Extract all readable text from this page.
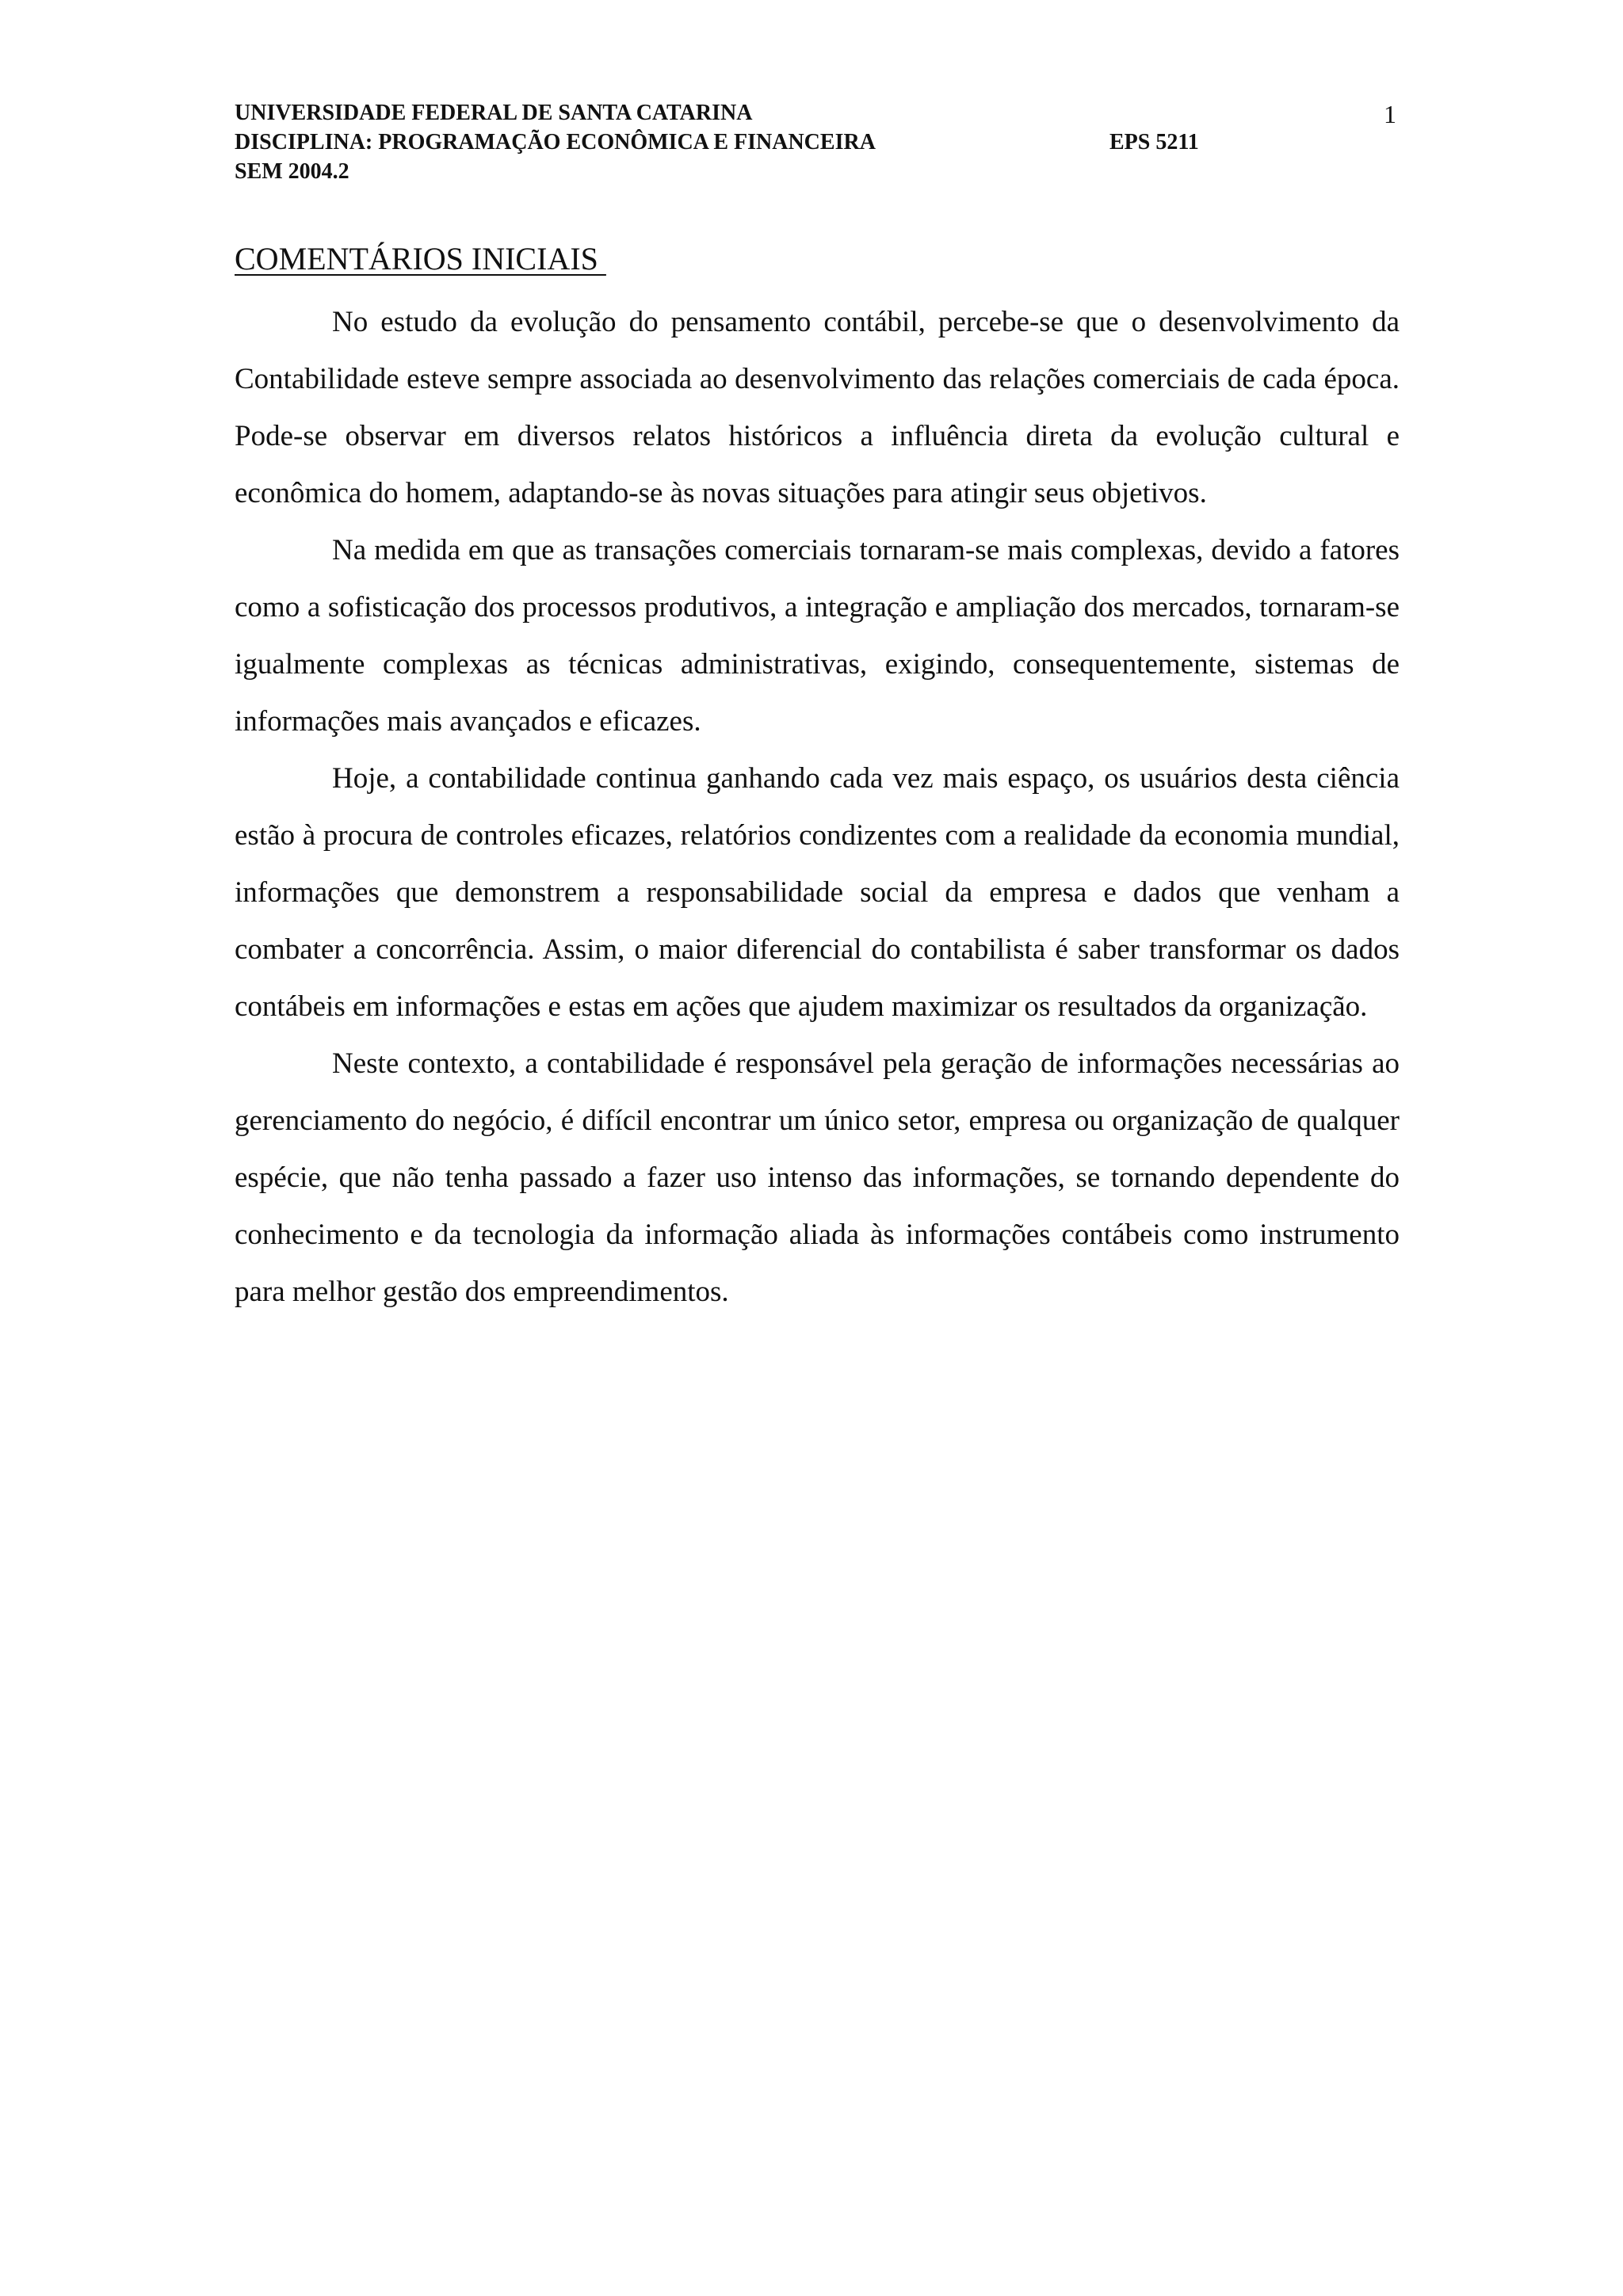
UNIVERSIDADE FEDERAL DE SANTA CATARINA
DISCIPLINA: PROGRAMAÇÃO ECONÔMICA E FINANCEIRA	EPS 5211
SEM 2004.2
1
COMENTÁRIOS INICIAIS

No estudo da evolução do pensamento contábil, percebe-se que o desenvolvimento da Contabilidade esteve sempre associada ao desenvolvimento das relações comerciais de cada época. Pode-se observar em diversos relatos históricos a influência direta da evolução cultural e econômica do homem, adaptando-se às novas situações para atingir seus objetivos.

Na medida em que as transações comerciais tornaram-se mais complexas, devido a fatores como a sofisticação dos processos produtivos, a integração e ampliação dos mercados, tornaram-se igualmente complexas as técnicas administrativas, exigindo, consequentemente, sistemas de informações mais avançados e eficazes.

Hoje, a contabilidade continua ganhando cada vez mais espaço, os usuários desta ciência estão à procura de controles eficazes, relatórios condizentes com a realidade da economia mundial, informações que demonstrem a responsabilidade social da empresa e dados que venham a combater a concorrência. Assim, o maior diferencial do contabilista é saber transformar os dados contábeis em informações e estas em ações que ajudem maximizar os resultados da organização.

Neste contexto, a contabilidade é responsável pela geração de informações necessárias ao gerenciamento do negócio, é difícil encontrar um único setor, empresa ou organização de qualquer espécie, que não tenha passado a fazer uso intenso das informações, se tornando dependente do conhecimento e da tecnologia da informação aliada às informações contábeis como instrumento para melhor gestão dos empreendimentos.
